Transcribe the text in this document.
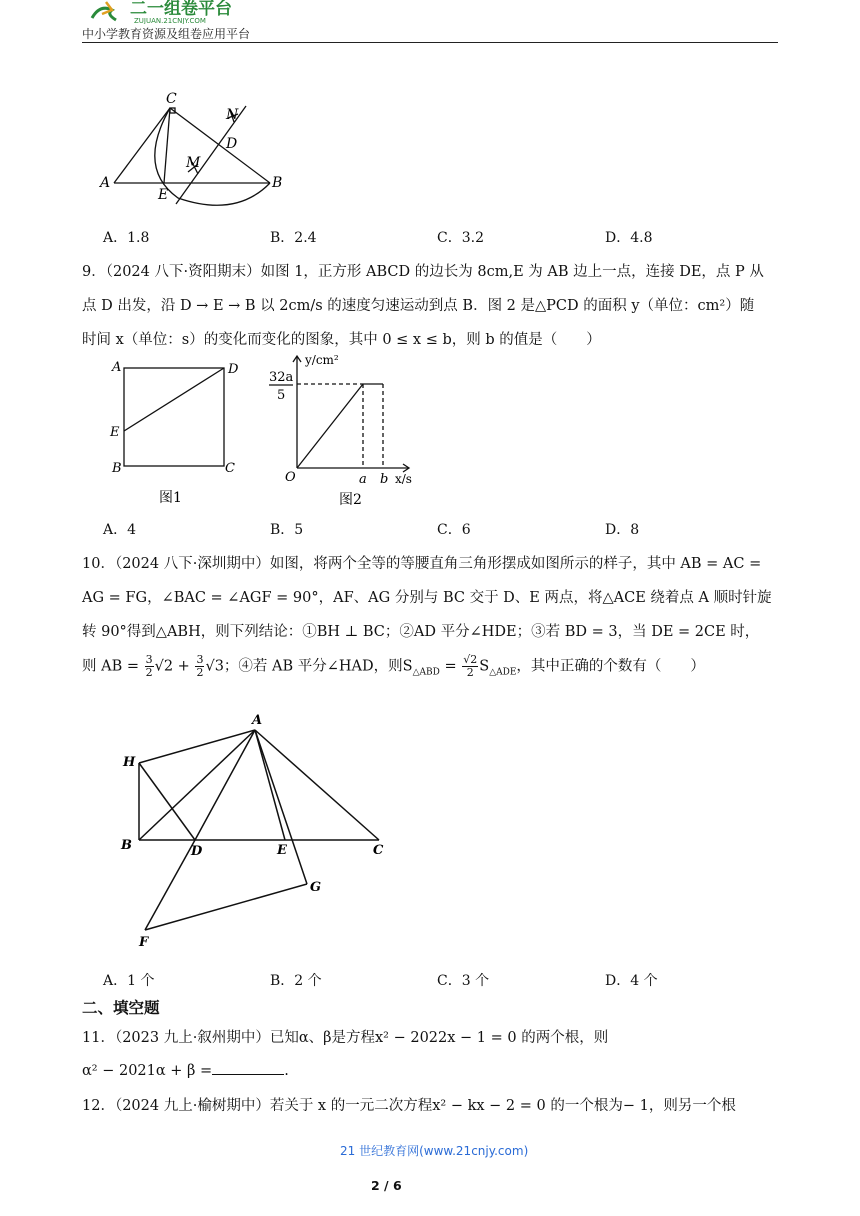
二一组卷平台
ZUJUAN.21CNJY.COM
中小学教育资源及组卷应用平台
C
N
D
M
A
E
B
A．1.8	B．2.4	C．3.2	D．4.8
9．（2024 八下·资阳期末）如图 1，正方形 ABCD 的边长为 8cm,E 为 AB 边上一点，连接 DE，点 P 从
点 D 出发，沿 D → E → B 以 2cm/s 的速度匀速运动到点 B．图 2 是△PCD 的面积 y（单位：cm²）随
时间 x（单位：s）的变化而变化的图象，其中 0 ≤ x ≤ b，则 b 的值是（　　）
A	D
E
B	C
图1
y/cm²
32a
5
O	a b x/s
图2
A．4	B．5	C．6	D．8
10．（2024 八下·深圳期中）如图，将两个全等的等腰直角三角形摆成如图所示的样子，其中 AB = AC =
AG = FG，∠BAC = ∠AGF = 90°，AF、AG 分别与 BC 交于 D、E 两点，将△ACE 绕着点 A 顺时针旋
转 90°得到△ABH，则下列结论：①BH ⊥ BC；②AD 平分∠HDE；③若 BD = 3，当 DE = 2CE 时，
则 AB = $\frac{3}{2} √2 + \frac{3}{2} √3$；④若 AB 平分∠HAD，则$S_{\triangle ABD} = \frac{√2}{2} S_{\triangle ADE}$，其中正确的个数有（　　）
A
H
B	D	E	C
G
F
A．1 个	B．2 个	C．3 个	D．4 个
二、填空题
11．（2023 九上·叙州期中）已知α、β是方程x² − 2022x − 1 = 0 的两个根，则
α² − 2021α + β =	.
12．（2024 九上·榆树期中）若关于 x 的一元二次方程x² − kx − 2 = 0 的一个根为− 1，则另一个根
21 世纪教育网(www.21cnjy.com)
2 / 6
